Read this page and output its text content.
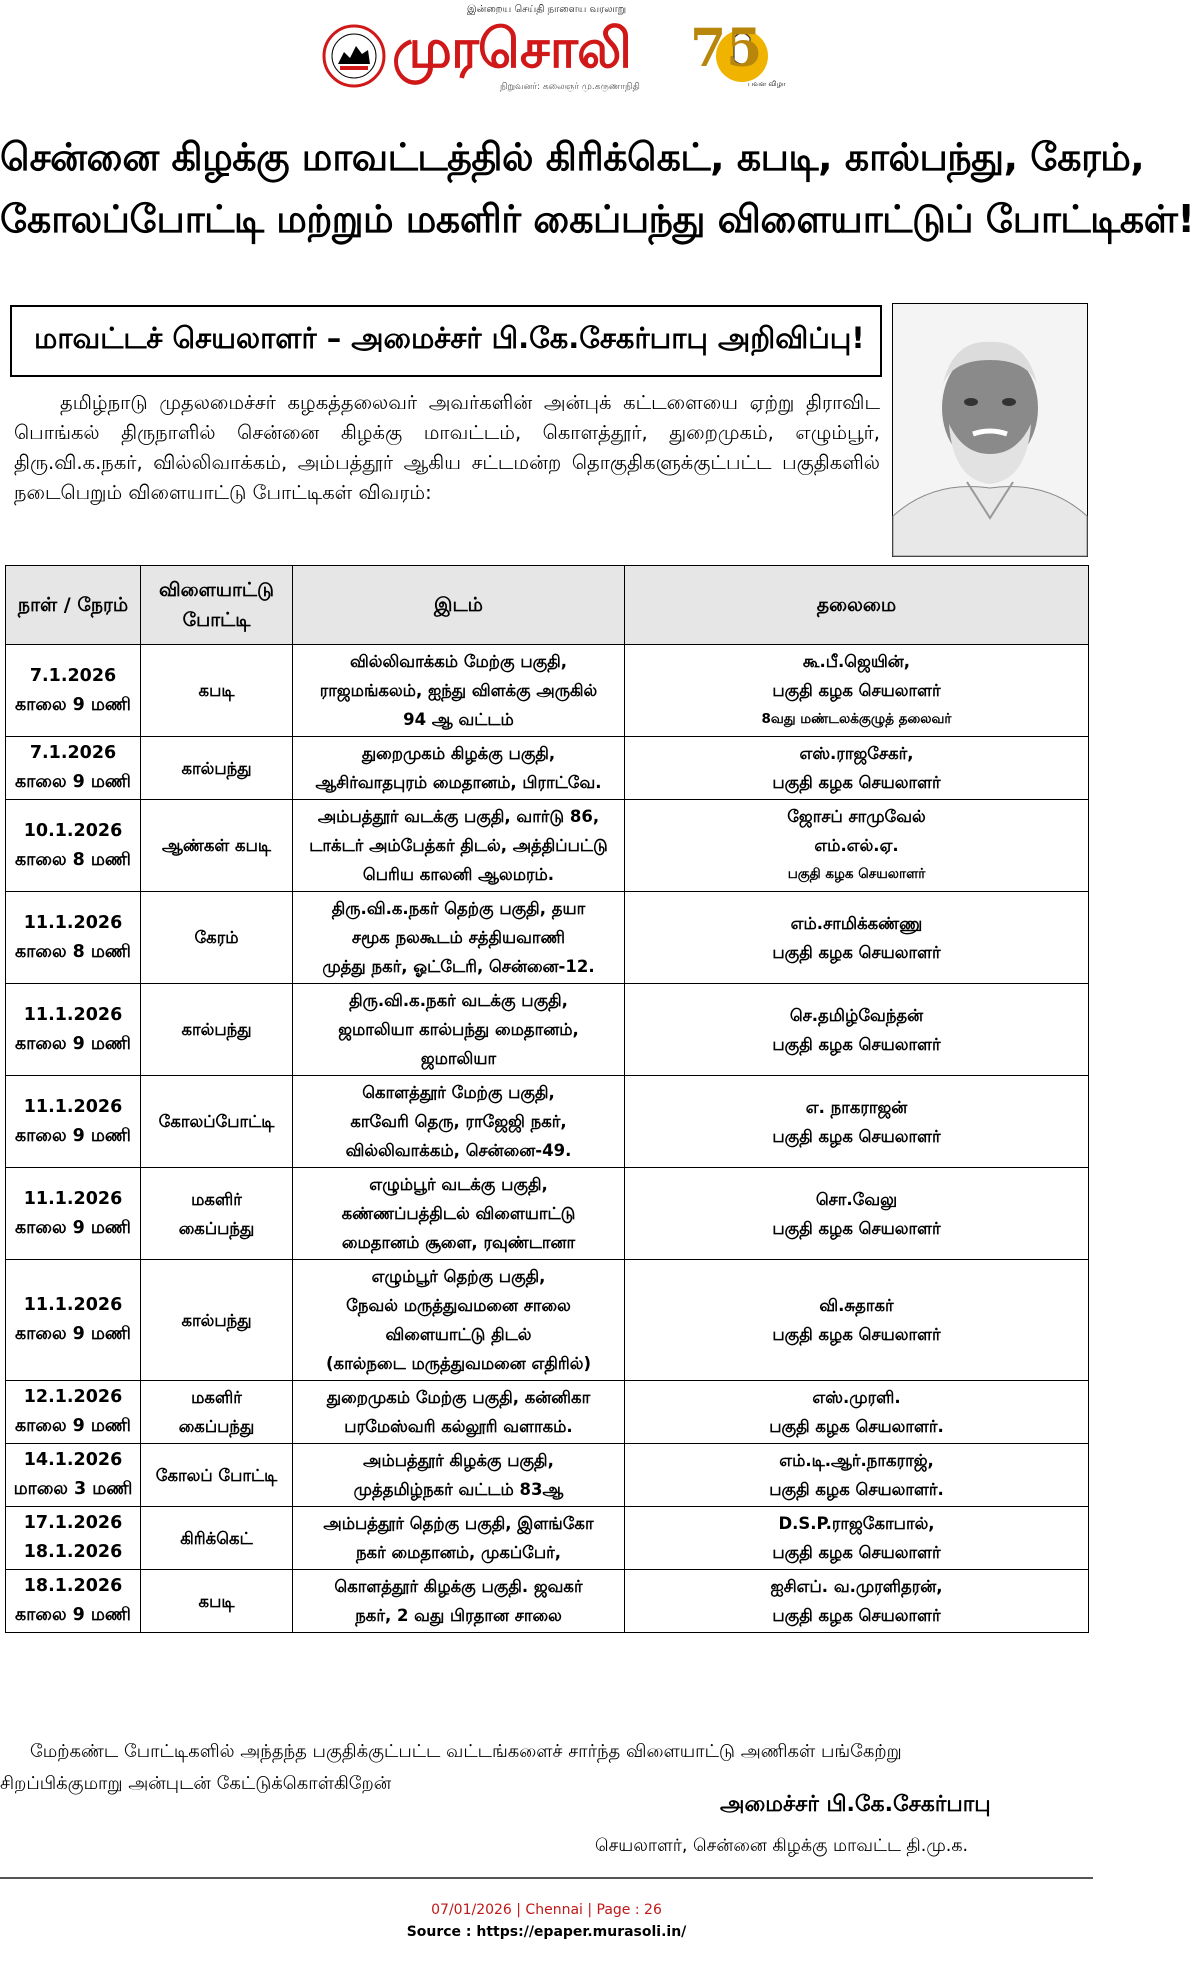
இன்றைய செய்தி நாளைய வரலாறு
முரசொலி
நிறுவனர்: கலைஞர் மு.கருணாநிதி
75
பவள விழா
சென்னை கிழக்கு மாவட்டத்தில் கிரிக்கெட், கபடி, கால்பந்து, கேரம்,
கோலப்போட்டி மற்றும் மகளிர் கைப்பந்து விளையாட்டுப் போட்டிகள்!
மாவட்டச் செயலாளர் – அமைச்சர் பி.கே.சேகர்பாபு அறிவிப்பு!

தமிழ்நாடு முதலமைச்சர் கழகத்தலைவர் அவர்களின் அன்புக் கட்டளையை ஏற்று திராவிட பொங்கல் திருநாளில் சென்னை கிழக்கு மாவட்டம், கொளத்தூர், துறைமுகம், எழும்பூர், திரு.வி.க.நகர், வில்லிவாக்கம், அம்பத்தூர் ஆகிய சட்டமன்ற தொகுதிகளுக்குட்பட்ட பகுதிகளில் நடைபெறும் விளையாட்டு போட்டிகள் விவரம்:

நாள் / நேரம்	விளையாட்டு போட்டி	இடம்	தலைமை

7.1.2026
காலை 9 மணி	கபடி	வில்லிவாக்கம் மேற்கு பகுதி,
ராஜமங்கலம், ஐந்து விளக்கு அருகில்
94 ஆ வட்டம்	கூ.பீ.ஜெயின்,
பகுதி கழக செயலாளர்
8வது மண்டலக்குழுத் தலைவர்

7.1.2026
காலை 9 மணி	கால்பந்து	துறைமுகம் கிழக்கு பகுதி,
ஆசிர்வாதபுரம் மைதானம், பிராட்வே.	எஸ்.ராஜசேகர்,
பகுதி கழக செயலாளர்

10.1.2026
காலை 8 மணி	ஆண்கள் கபடி	அம்பத்தூர் வடக்கு பகுதி, வார்டு 86,
டாக்டர் அம்பேத்கர் திடல், அத்திப்பட்டு
பெரிய காலனி ஆலமரம்.	ஜோசப் சாமுவேல்
எம்.எல்.ஏ.
பகுதி கழக செயலாளர்

11.1.2026
காலை 8 மணி	கேரம்	திரு.வி.க.நகர் தெற்கு பகுதி, தயா
சமூக நலகூடம் சத்தியவாணி
முத்து நகர், ஓட்டேரி, சென்னை-12.	எம்.சாமிக்கண்ணு
பகுதி கழக செயலாளர்

11.1.2026
காலை 9 மணி	கால்பந்து	திரு.வி.க.நகர் வடக்கு பகுதி,
ஜமாலியா கால்பந்து மைதானம்,
ஜமாலியா	செ.தமிழ்வேந்தன்
பகுதி கழக செயலாளர்

11.1.2026
காலை 9 மணி	கோலப்போட்டி	கொளத்தூர் மேற்கு பகுதி,
காவேரி தெரு, ராஜேஜி நகர்,
வில்லிவாக்கம், சென்னை-49.	எ. நாகராஜன்
பகுதி கழக செயலாளர்

11.1.2026
காலை 9 மணி	மகளிர்
கைப்பந்து	எழும்பூர் வடக்கு பகுதி,
கண்ணப்பத்திடல் விளையாட்டு
மைதானம் சூளை, ரவுண்டானா	சொ.வேலு
பகுதி கழக செயலாளர்

11.1.2026
காலை 9 மணி	கால்பந்து	எழும்பூர் தெற்கு பகுதி,
நேவல் மருத்துவமனை சாலை
விளையாட்டு திடல்
(கால்நடை மருத்துவமனை எதிரில்)	வி.சுதாகர்
பகுதி கழக செயலாளர்

12.1.2026
காலை 9 மணி	மகளிர்
கைப்பந்து	துறைமுகம் மேற்கு பகுதி, கன்னிகா
பரமேஸ்வரி கல்லூரி வளாகம்.	எஸ்.முரளி.
பகுதி கழக செயலாளர்.

14.1.2026
மாலை 3 மணி	கோலப் போட்டி	அம்பத்தூர் கிழக்கு பகுதி,
முத்தமிழ்நகர் வட்டம் 83ஆ	எம்.டி.ஆர்.நாகராஜ்,
பகுதி கழக செயலாளர்.

17.1.2026
18.1.2026	கிரிக்கெட்	அம்பத்தூர் தெற்கு பகுதி, இளங்கோ
நகர் மைதானம், முகப்பேர்,	D.S.P.ராஜகோபால்,
பகுதி கழக செயலாளர்

18.1.2026
காலை 9 மணி	கபடி	கொளத்தூர் கிழக்கு பகுதி. ஜவகர்
நகர், 2 வது பிரதான சாலை	ஐசிஎப். வ.முரளிதரன்,
பகுதி கழக செயலாளர்
மேற்கண்ட போட்டிகளில் அந்தந்த பகுதிக்குட்பட்ட வட்டங்களைச் சார்ந்த விளையாட்டு அணிகள் பங்கேற்று
சிறப்பிக்குமாறு அன்புடன் கேட்டுக்கொள்கிறேன்
அமைச்சர் பி.கே.சேகர்பாபு
செயலாளர், சென்னை கிழக்கு மாவட்ட தி.மு.க.
07/01/2026 | Chennai | Page : 26
Source : https://epaper.murasoli.in/
